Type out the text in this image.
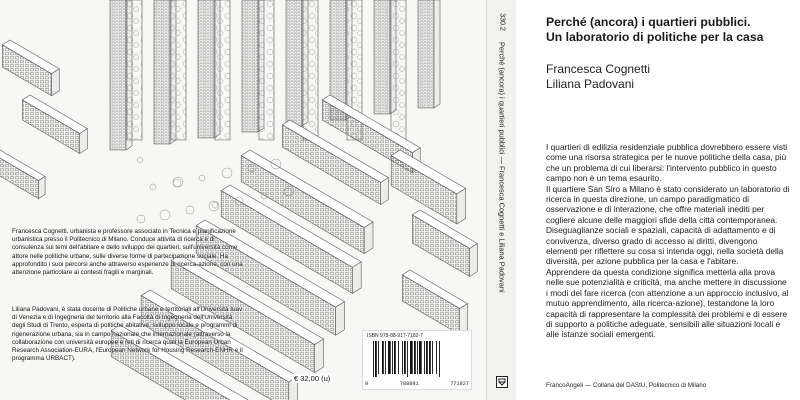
Francesca Cognetti, urbanista e professore associato in Tecnica e pianificazione urbanistica presso il Politecnico di Milano. Conduce attività di ricerca e di consulenza sui temi dell'abitare e dello sviluppo dei quartieri, sull'università come attore nelle politiche urbane, sulle diverse forme di partecipazione sociale. Ha approfondito i suoi percorsi anche attraverso esperienze di ricerca-azione, con una attenzione particolare ai contesti fragili e marginali.

Liliana Padovani, è stata docente di Politiche urbane e territoriali all'Università Iuav di Venezia e di Ingegneria del territorio alla Facoltà di Ingegneria dell'Università degli Studi di Trento, esperta di politiche abitative, sviluppo locale e programmi di rigenerazione urbana, sia in campo nazionale che internazionale (attraverso la collaborazione con università europee e reti di ricerca quali la European Urban Research Association-EURA, l'European Network for Housing Research-ENHR e il programma URBACT).

€ 32,00 (u)
ISBN 978-88-917-7182-7
9	788891	771827
330.2
Perché (ancora) i quartieri pubblici — Francesca Cognetti e Liliana Padovani
Perché (ancora) i quartieri pubblici.
Un laboratorio di politiche per la casa
Francesca Cognetti
Liliana Padovani

I quartieri di edilizia residenziale pubblica dovrebbero essere visti come una risorsa strategica per le nuove politiche della casa, più che un problema di cui liberarsi: l'intervento pubblico in questo campo non è un tema esaurito.

Il quartiere San Siro a Milano è stato considerato un laboratorio di ricerca in questa direzione, un campo paradigmatico di osservazione e di interazione, che offre materiali inediti per cogliere alcune delle maggiori sfide della città contemporanea.

Diseguaglianze sociali e spaziali, capacità di adattamento e di convivenza, diverso grado di accesso ai diritti, divengono elementi per riflettere su cosa si intenda oggi, nella società della diversità, per azione pubblica per la casa e l'abitare.

Apprendere da questa condizione significa metterla alla prova nelle sue potenzialità e criticità, ma anche mettere in discussione i modi del fare ricerca (con attenzione a un approccio inclusivo, al mutuo apprendimento, alla ricerca-azione), testandone la loro capacità di rappresentare la complessità dei problemi e di essere di supporto a politiche adeguate, sensibili alle situazioni locali e alle istanze sociali emergenti.

FrancoAngeli — Collana del DAStU, Politecnico di Milano
